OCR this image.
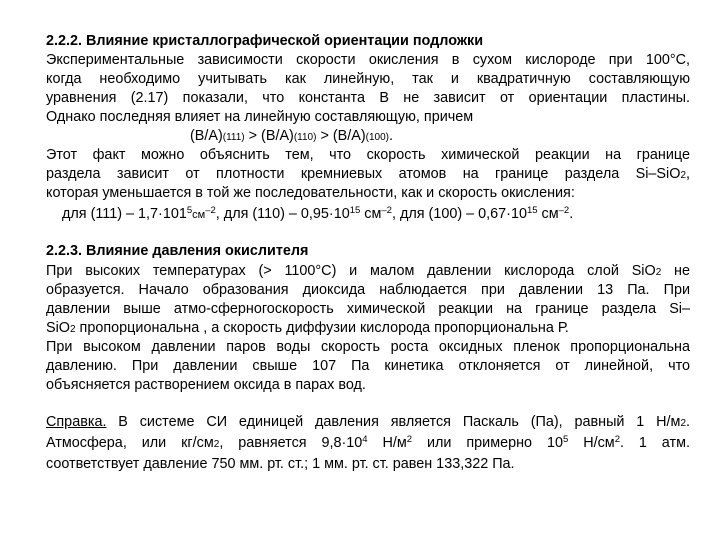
2.2.2. Влияние кристаллографической ориентации подложки
Экспериментальные зависимости скорости окисления в сухом кислороде при 100°С,
когда необходимо учитывать как линейную, так и квадратичную составляющую
уравнения (2.17) показали, что константа В не зависит от ориентации пластины.
Однако последняя влияет на линейную составляющую, причем
(B/A)(111) > (B/A)(110) > (B/A)(100).
Этот факт можно объяснить тем, что скорость химической реакции на границе
раздела зависит от плотности кремниевых атомов на границе раздела Si–SiO2,
которая уменьшается в той же последовательности, как и скорость окисления:
для $(111) - 1,7\cdot 101^5см^{-2}$, для $(110) - 0,95\cdot 10^{15}$ $см^{-2}$, для $(100) - 0,67\cdot 10^{15}$ $см^{-2}$.
2.2.3. Влияние давления окислителя
При высоких температурах (> 1100°С) и малом давлении кислорода слой SiO2 не
образуется. Начало образования диоксида наблюдается при давлении 13 Па. При
давлении выше атмо-сферногоскорость химической реакции на границе раздела Si–
SiO2 пропорциональна , а скорость диффузии кислорода пропорциональна Р.
При высоком давлении паров воды скорость роста оксидных пленок пропорциональна
давлению. При давлении свыше 107 Па кинетика отклоняется от линейной, что
объясняется растворением оксида в парах вод.
Справка. В системе СИ единицей давления является Паскаль (Па), равный 1 Н/м2.
Атмосфера, или кг/см2, равняется $9,8\cdot 10^4$ $Н/м^2$ или примерно $10^5$ $Н/см^2$. 1 атм.
соответствует давление 750 мм. рт. ст.; 1 мм. рт. ст. равен 133,322 Па.
